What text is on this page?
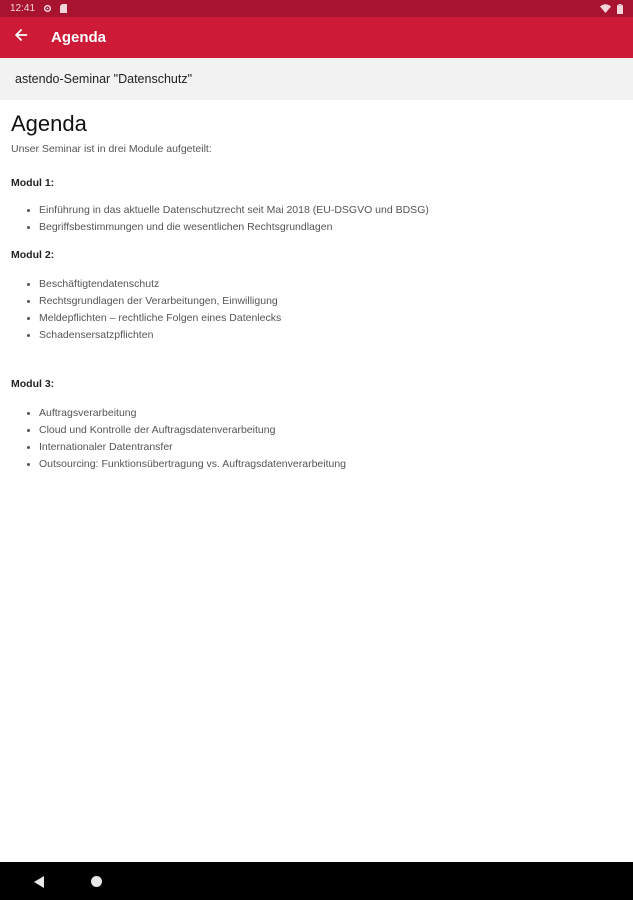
12:41
Agenda
astendo-Seminar "Datenschutz"
Agenda

Unser Seminar ist in drei Module aufgeteilt:

Modul 1:

Einführung in das aktuelle Datenschutzrecht seit Mai 2018 (EU-DSGVO und BDSG)
Begriffsbestimmungen und die wesentlichen Rechtsgrundlagen

Modul 2:

Beschäftigtendatenschutz
Rechtsgrundlagen der Verarbeitungen, Einwilligung
Meldepflichten – rechtliche Folgen eines Datenlecks
Schadensersatzpflichten

Modul 3:

Auftragsverarbeitung
Cloud und Kontrolle der Auftragsdatenverarbeitung
Internationaler Datentransfer
Outsourcing: Funktionsübertragung vs. Auftragsdatenverarbeitung
